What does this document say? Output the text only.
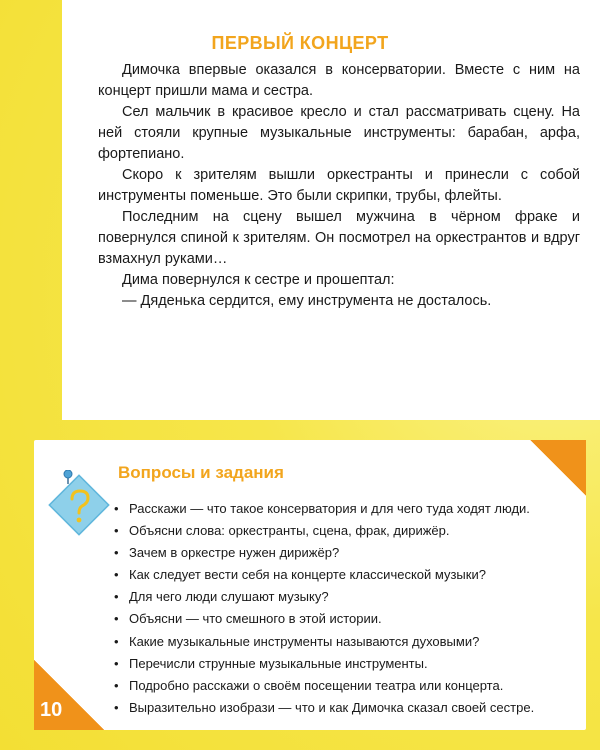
ПЕРВЫЙ КОНЦЕРТ

Димочка впервые оказался в консерватории. Вместе с ним на концерт пришли мама и сестра.

Сел мальчик в красивое кресло и стал рассматривать сцену. На ней стояли крупные музыкальные инструменты: барабан, арфа, фортепиано.

Скоро к зрителям вышли оркестранты и принесли с собой инструменты поменьше. Это были скрипки, трубы, флейты.

Последним на сцену вышел мужчина в чёрном фраке и повернулся спиной к зрителям. Он посмотрел на оркестрантов и вдруг взмахнул руками…

Дима повернулся к сестре и прошептал:

— Дяденька сердится, ему инструмента не досталось.

10

Вопросы и задания
• Расскажи — что такое консерватория и для чего туда ходят люди.
• Объясни слова: оркестранты, сцена, фрак, дирижёр.
• Зачем в оркестре нужен дирижёр?
• Как следует вести себя на концерте классической музыки?
• Для чего люди слушают музыку?
• Объясни — что смешного в этой истории.
• Какие музыкальные инструменты называются духовыми?
• Перечисли струнные музыкальные инструменты.
• Подробно расскажи о своём посещении театра или концерта.
• Выразительно изобрази — что и как Димочка сказал своей сестре.
